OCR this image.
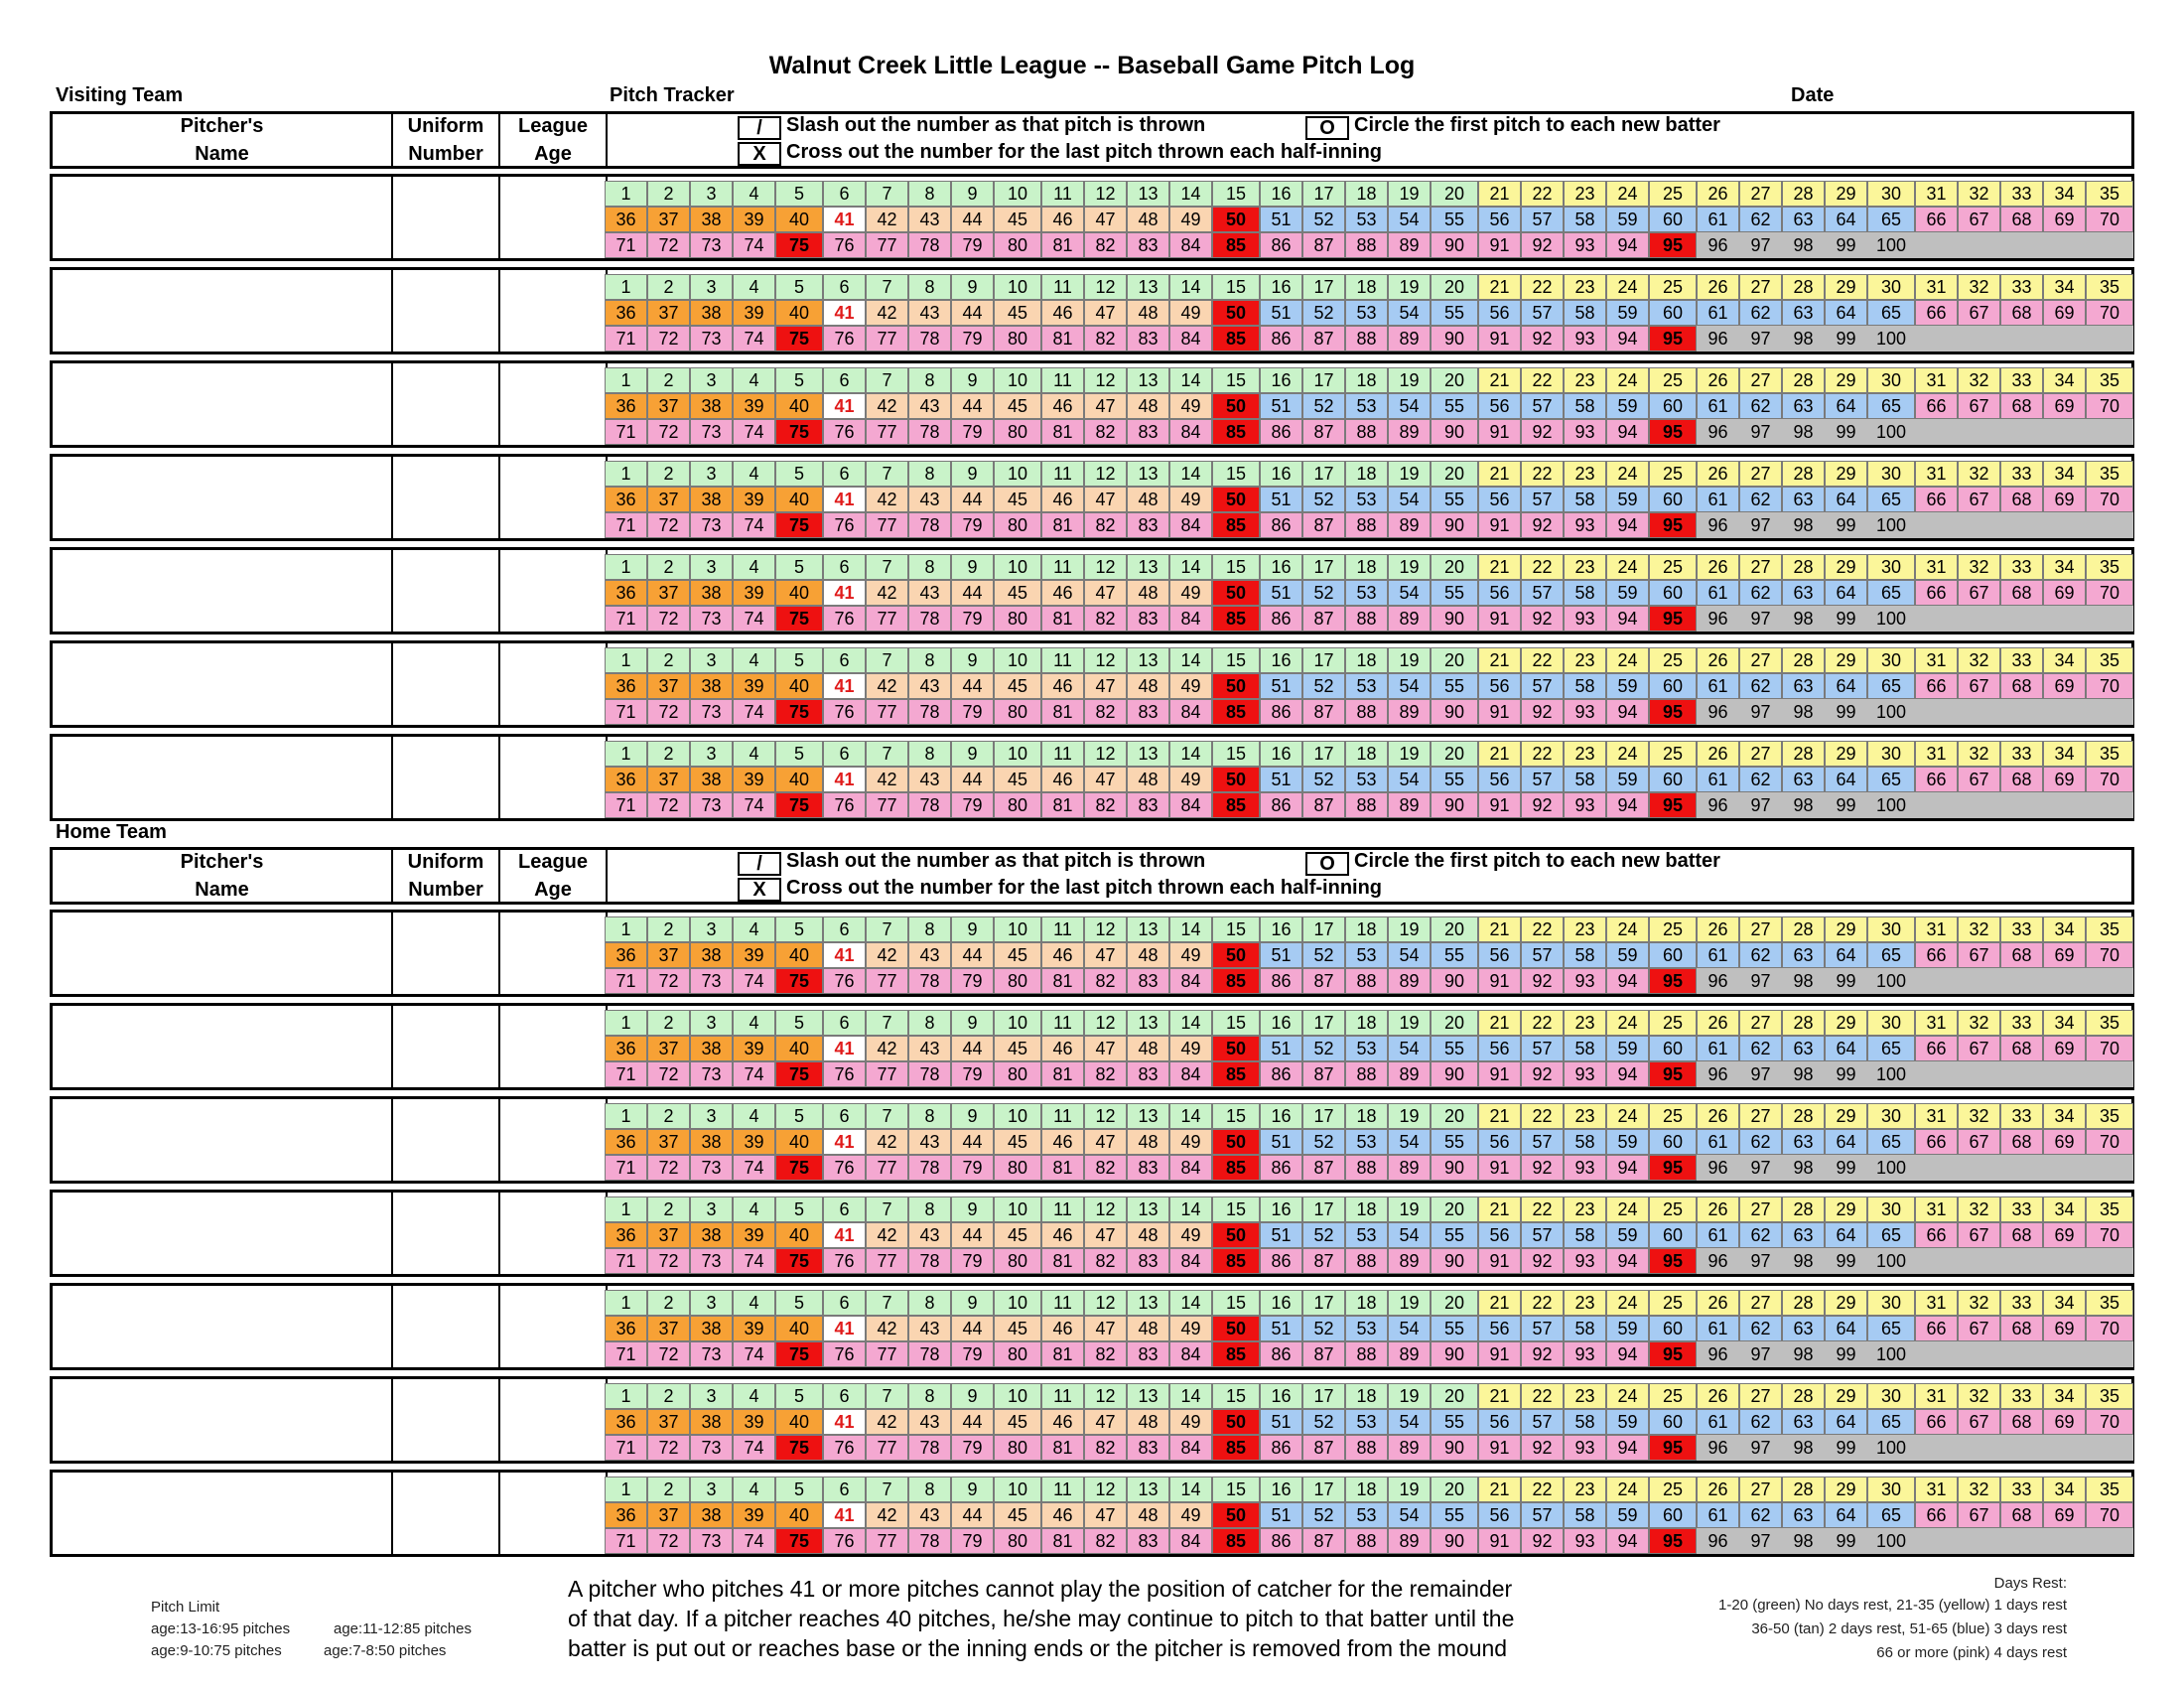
Walnut Creek Little League -- Baseball Game Pitch Log
Visiting Team	Pitch Tracker	Date
Pitcher's
Name
Uniform
Number
League
Age
/	Slash out the number as that pitch is thrown
X	Cross out the number for the last pitch thrown each half-inning
O Circle the first pitch to each new batter
1	2	3	4	5	6	7	8	9	10	11	12	13	14	15	16	17	18	19	20	21	22	23	24	25	26	27	28	29	30	31	32	33	34	35
36	37	38	39	40	41	42	43	44	45	46	47	48	49	50	51	52	53	54	55	56	57	58	59	60	61	62	63	64	65	66	67	68	69	70
71	72	73	74	75	76	77	78	79	80	81	82	83	84	85	86	87	88	89	90	91	92	93	94	95	96	97	98	99	100
1	2	3	4	5	6	7	8	9	10	11	12	13	14	15	16	17	18	19	20	21	22	23	24	25	26	27	28	29	30	31	32	33	34	35
36	37	38	39	40	41	42	43	44	45	46	47	48	49	50	51	52	53	54	55	56	57	58	59	60	61	62	63	64	65	66	67	68	69	70
71	72	73	74	75	76	77	78	79	80	81	82	83	84	85	86	87	88	89	90	91	92	93	94	95	96	97	98	99	100
1	2	3	4	5	6	7	8	9	10	11	12	13	14	15	16	17	18	19	20	21	22	23	24	25	26	27	28	29	30	31	32	33	34	35
36	37	38	39	40	41	42	43	44	45	46	47	48	49	50	51	52	53	54	55	56	57	58	59	60	61	62	63	64	65	66	67	68	69	70
71	72	73	74	75	76	77	78	79	80	81	82	83	84	85	86	87	88	89	90	91	92	93	94	95	96	97	98	99	100
1	2	3	4	5	6	7	8	9	10	11	12	13	14	15	16	17	18	19	20	21	22	23	24	25	26	27	28	29	30	31	32	33	34	35
36	37	38	39	40	41	42	43	44	45	46	47	48	49	50	51	52	53	54	55	56	57	58	59	60	61	62	63	64	65	66	67	68	69	70
71	72	73	74	75	76	77	78	79	80	81	82	83	84	85	86	87	88	89	90	91	92	93	94	95	96	97	98	99	100
1	2	3	4	5	6	7	8	9	10	11	12	13	14	15	16	17	18	19	20	21	22	23	24	25	26	27	28	29	30	31	32	33	34	35
36	37	38	39	40	41	42	43	44	45	46	47	48	49	50	51	52	53	54	55	56	57	58	59	60	61	62	63	64	65	66	67	68	69	70
71	72	73	74	75	76	77	78	79	80	81	82	83	84	85	86	87	88	89	90	91	92	93	94	95	96	97	98	99	100
1	2	3	4	5	6	7	8	9	10	11	12	13	14	15	16	17	18	19	20	21	22	23	24	25	26	27	28	29	30	31	32	33	34	35
36	37	38	39	40	41	42	43	44	45	46	47	48	49	50	51	52	53	54	55	56	57	58	59	60	61	62	63	64	65	66	67	68	69	70
71	72	73	74	75	76	77	78	79	80	81	82	83	84	85	86	87	88	89	90	91	92	93	94	95	96	97	98	99	100
1	2	3	4	5	6	7	8	9	10	11	12	13	14	15	16	17	18	19	20	21	22	23	24	25	26	27	28	29	30	31	32	33	34	35
36	37	38	39	40	41	42	43	44	45	46	47	48	49	50	51	52	53	54	55	56	57	58	59	60	61	62	63	64	65	66	67	68	69	70
71	72	73	74	75	76	77	78	79	80	81	82	83	84	85	86	87	88	89	90	91	92	93	94	95	96	97	98	99	100
Home Team
Pitcher's
Name
Uniform
Number
League
Age
/	Slash out the number as that pitch is thrown
X	Cross out the number for the last pitch thrown each half-inning
O Circle the first pitch to each new batter
1	2	3	4	5	6	7	8	9	10	11	12	13	14	15	16	17	18	19	20	21	22	23	24	25	26	27	28	29	30	31	32	33	34	35
36	37	38	39	40	41	42	43	44	45	46	47	48	49	50	51	52	53	54	55	56	57	58	59	60	61	62	63	64	65	66	67	68	69	70
71	72	73	74	75	76	77	78	79	80	81	82	83	84	85	86	87	88	89	90	91	92	93	94	95	96	97	98	99	100
1	2	3	4	5	6	7	8	9	10	11	12	13	14	15	16	17	18	19	20	21	22	23	24	25	26	27	28	29	30	31	32	33	34	35
36	37	38	39	40	41	42	43	44	45	46	47	48	49	50	51	52	53	54	55	56	57	58	59	60	61	62	63	64	65	66	67	68	69	70
71	72	73	74	75	76	77	78	79	80	81	82	83	84	85	86	87	88	89	90	91	92	93	94	95	96	97	98	99	100
1	2	3	4	5	6	7	8	9	10	11	12	13	14	15	16	17	18	19	20	21	22	23	24	25	26	27	28	29	30	31	32	33	34	35
36	37	38	39	40	41	42	43	44	45	46	47	48	49	50	51	52	53	54	55	56	57	58	59	60	61	62	63	64	65	66	67	68	69	70
71	72	73	74	75	76	77	78	79	80	81	82	83	84	85	86	87	88	89	90	91	92	93	94	95	96	97	98	99	100
1	2	3	4	5	6	7	8	9	10	11	12	13	14	15	16	17	18	19	20	21	22	23	24	25	26	27	28	29	30	31	32	33	34	35
36	37	38	39	40	41	42	43	44	45	46	47	48	49	50	51	52	53	54	55	56	57	58	59	60	61	62	63	64	65	66	67	68	69	70
71	72	73	74	75	76	77	78	79	80	81	82	83	84	85	86	87	88	89	90	91	92	93	94	95	96	97	98	99	100
1	2	3	4	5	6	7	8	9	10	11	12	13	14	15	16	17	18	19	20	21	22	23	24	25	26	27	28	29	30	31	32	33	34	35
36	37	38	39	40	41	42	43	44	45	46	47	48	49	50	51	52	53	54	55	56	57	58	59	60	61	62	63	64	65	66	67	68	69	70
71	72	73	74	75	76	77	78	79	80	81	82	83	84	85	86	87	88	89	90	91	92	93	94	95	96	97	98	99	100
1	2	3	4	5	6	7	8	9	10	11	12	13	14	15	16	17	18	19	20	21	22	23	24	25	26	27	28	29	30	31	32	33	34	35
36	37	38	39	40	41	42	43	44	45	46	47	48	49	50	51	52	53	54	55	56	57	58	59	60	61	62	63	64	65	66	67	68	69	70
71	72	73	74	75	76	77	78	79	80	81	82	83	84	85	86	87	88	89	90	91	92	93	94	95	96	97	98	99	100
1	2	3	4	5	6	7	8	9	10	11	12	13	14	15	16	17	18	19	20	21	22	23	24	25	26	27	28	29	30	31	32	33	34	35
36	37	38	39	40	41	42	43	44	45	46	47	48	49	50	51	52	53	54	55	56	57	58	59	60	61	62	63	64	65	66	67	68	69	70
71	72	73	74	75	76	77	78	79	80	81	82	83	84	85	86	87	88	89	90	91	92	93	94	95	96	97	98	99	100
Pitch Limit
age:13-16:95 pitches	age:11-12:85 pitches
age:9-10:75 pitches	age:7-8:50 pitches
A pitcher who pitches 41 or more pitches cannot play the position of catcher for the remainder
of that day. If a pitcher reaches 40 pitches, he/she may continue to pitch to that batter until the
batter is put out or reaches base or the inning ends or the pitcher is removed from the mound
Days Rest:
1-20 (green) No days rest, 21-35 (yellow) 1 days rest
36-50 (tan) 2 days rest, 51-65 (blue) 3 days rest
66 or more (pink) 4 days rest
